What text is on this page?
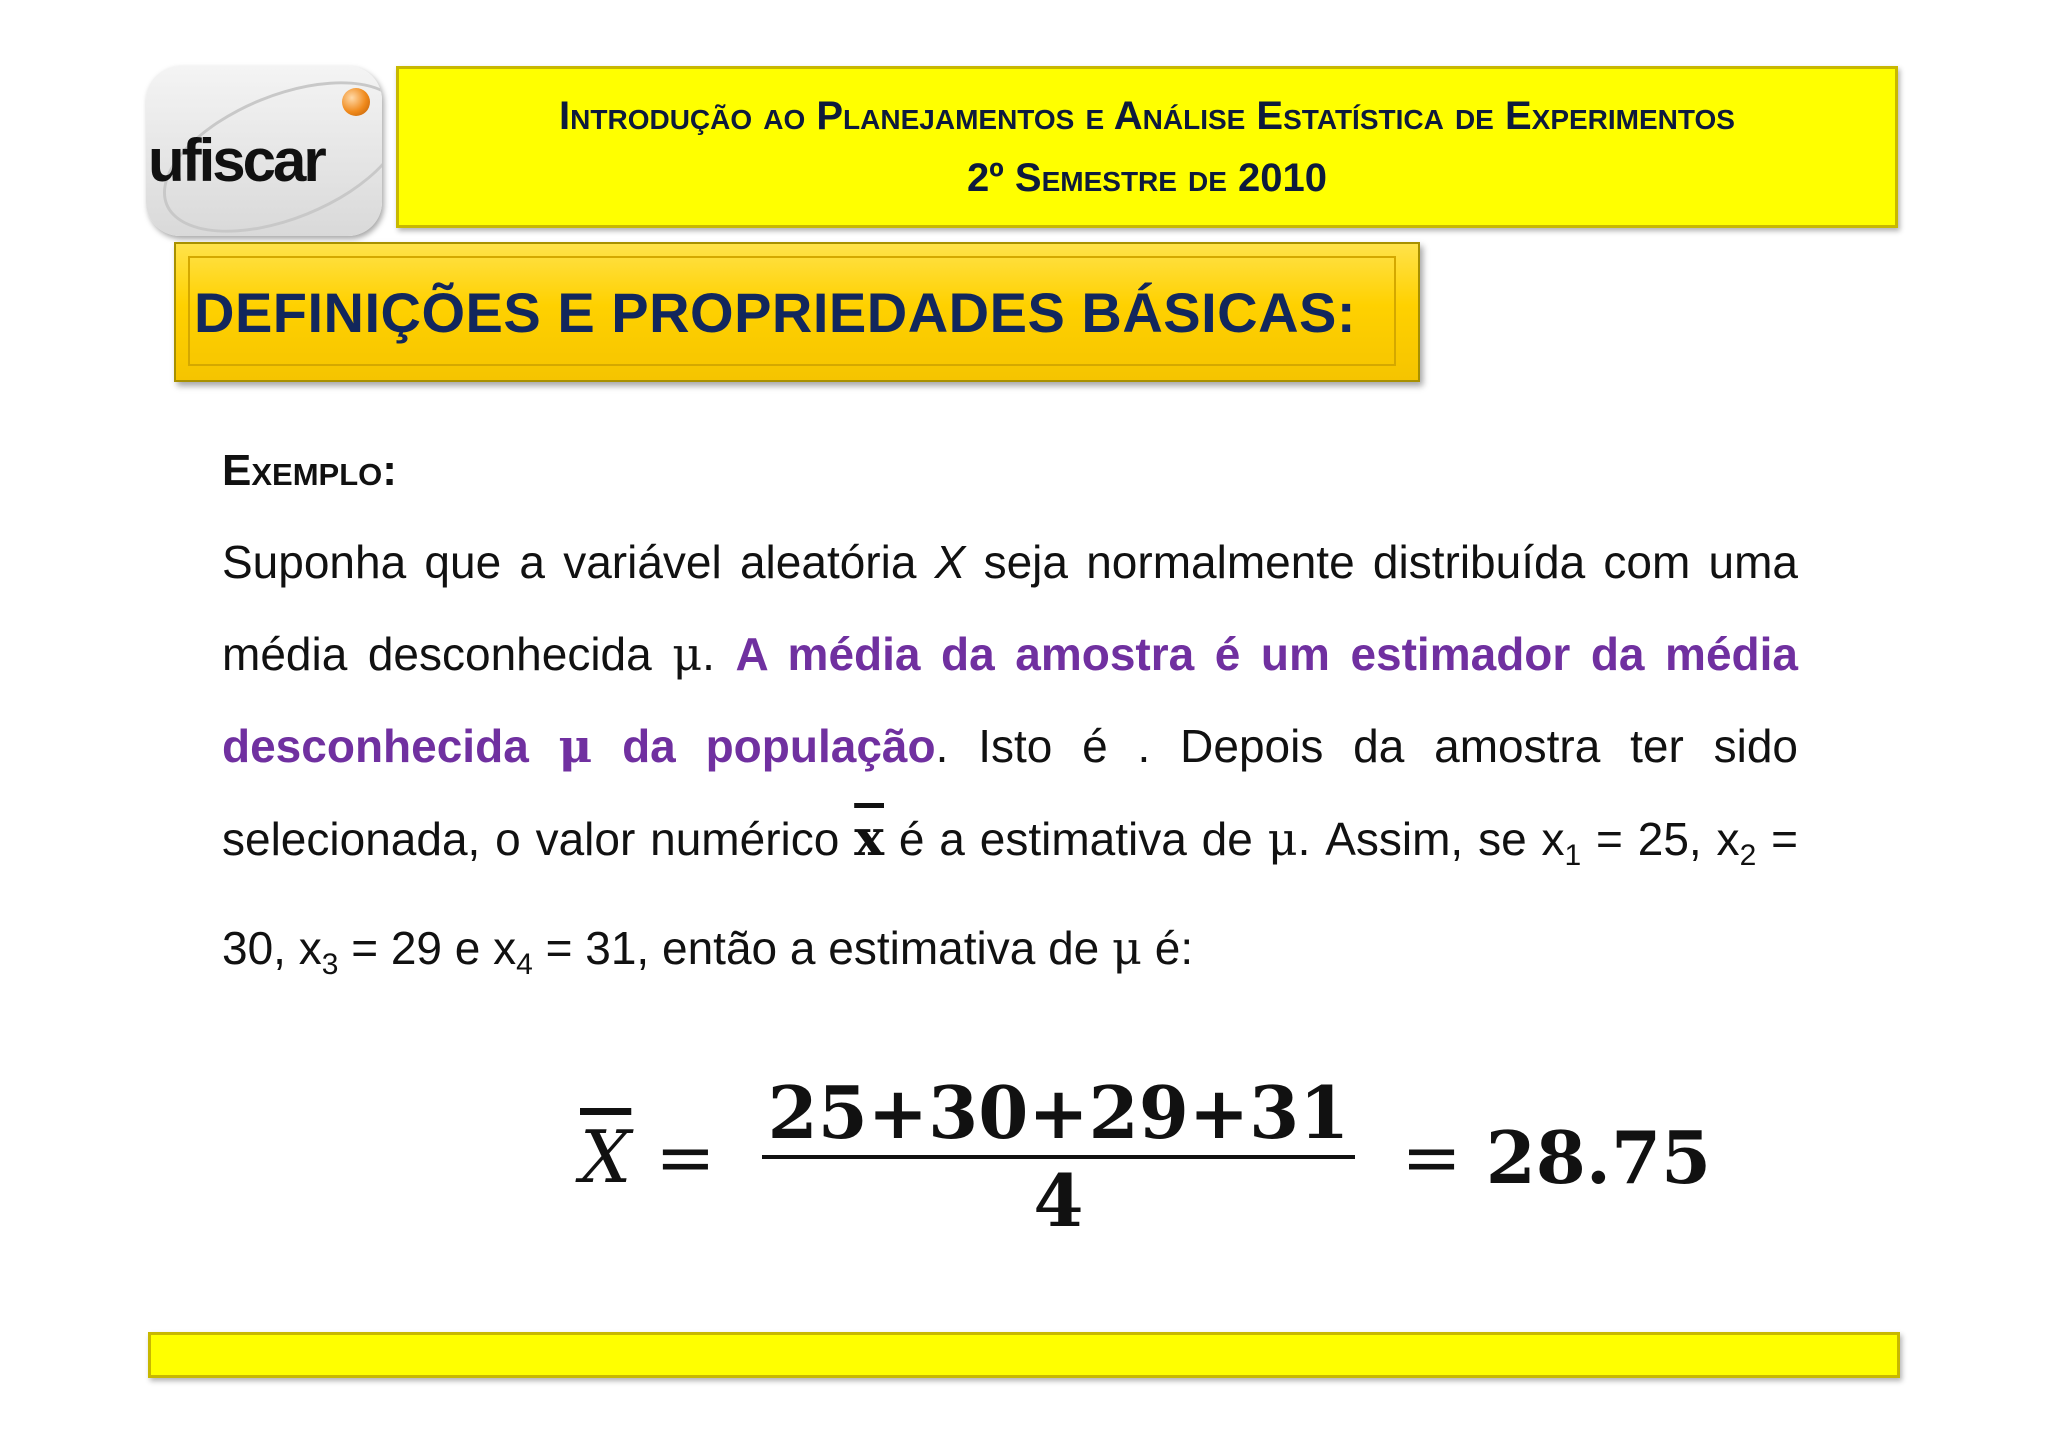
ufiscar
Introdução ao Planejamentos e Análise Estatística de Experimentos
2º Semestre de 2010
DEFINIÇÕES E PROPRIEDADES BÁSICAS:
Exemplo:
Suponha que a variável aleatória X seja normalmente distribuída com uma média desconhecida μ. A média da amostra é um estimador da média desconhecida μ da população. Isto é . Depois da amostra ter sido selecionada, o valor numérico $\overline{x}$ é a estimativa de μ. Assim, se $x_1 = 25$, $x_2 = 30$, $x_3 = 29$ e $x_4 = 31$, então a estimativa de μ é:
$\overline{X} = \frac{25+30+29+31}{4} = 28.75$
